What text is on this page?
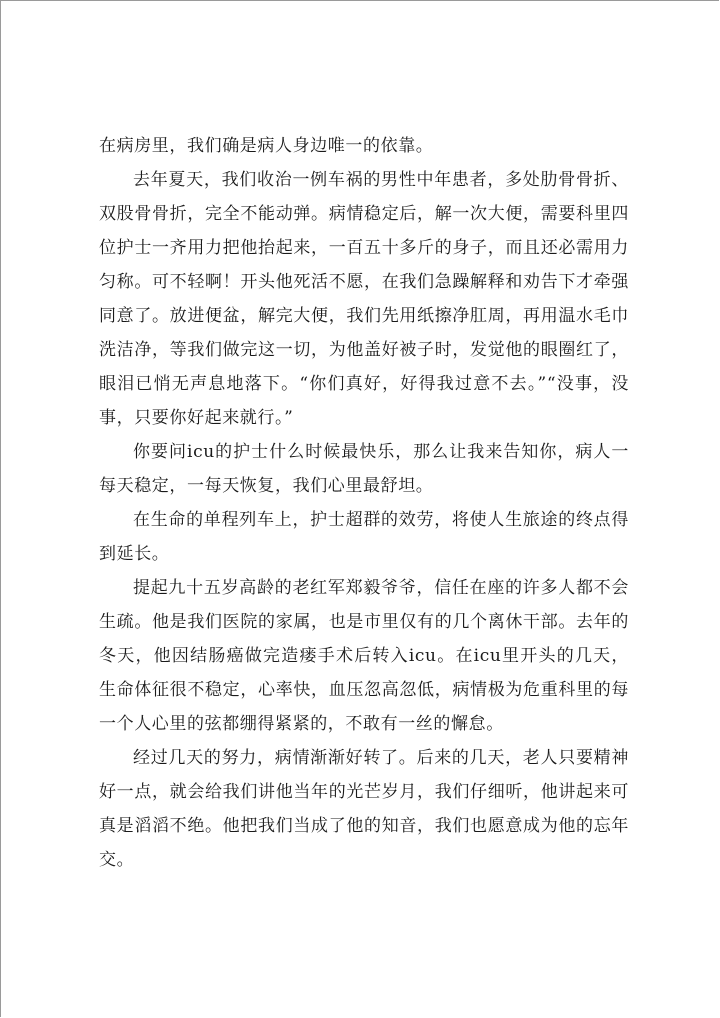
在病房里，我们确是病人身边唯一的依靠。

去年夏天，我们收治一例车祸的男性中年患者，多处肋骨骨折、双股骨骨折，完全不能动弹。病情稳定后，解一次大便，需要科里四位护士一齐用力把他抬起来，一百五十多斤的身子，而且还必需用力匀称。可不轻啊！开头他死活不愿，在我们急躁解释和劝告下才牵强同意了。放进便盆，解完大便，我们先用纸擦净肛周，再用温水毛巾洗洁净，等我们做完这一切，为他盖好被子时，发觉他的眼圈红了，眼泪已悄无声息地落下。“你们真好，好得我过意不去。”“没事，没事，只要你好起来就行。”

你要问icu的护士什么时候最快乐，那么让我来告知你，病人一每天稳定，一每天恢复，我们心里最舒坦。

在生命的单程列车上，护士超群的效劳，将使人生旅途的终点得到延长。

提起九十五岁高龄的老红军郑毅爷爷，信任在座的许多人都不会生疏。他是我们医院的家属，也是市里仅有的几个离休干部。去年的冬天，他因结肠癌做完造瘘手术后转入icu。在icu里开头的几天，生命体征很不稳定，心率快，血压忽高忽低，病情极为危重科里的每一个人心里的弦都绷得紧紧的，不敢有一丝的懈怠。

经过几天的努力，病情渐渐好转了。后来的几天，老人只要精神好一点，就会给我们讲他当年的光芒岁月，我们仔细听，他讲起来可真是滔滔不绝。他把我们当成了他的知音，我们也愿意成为他的忘年交。
